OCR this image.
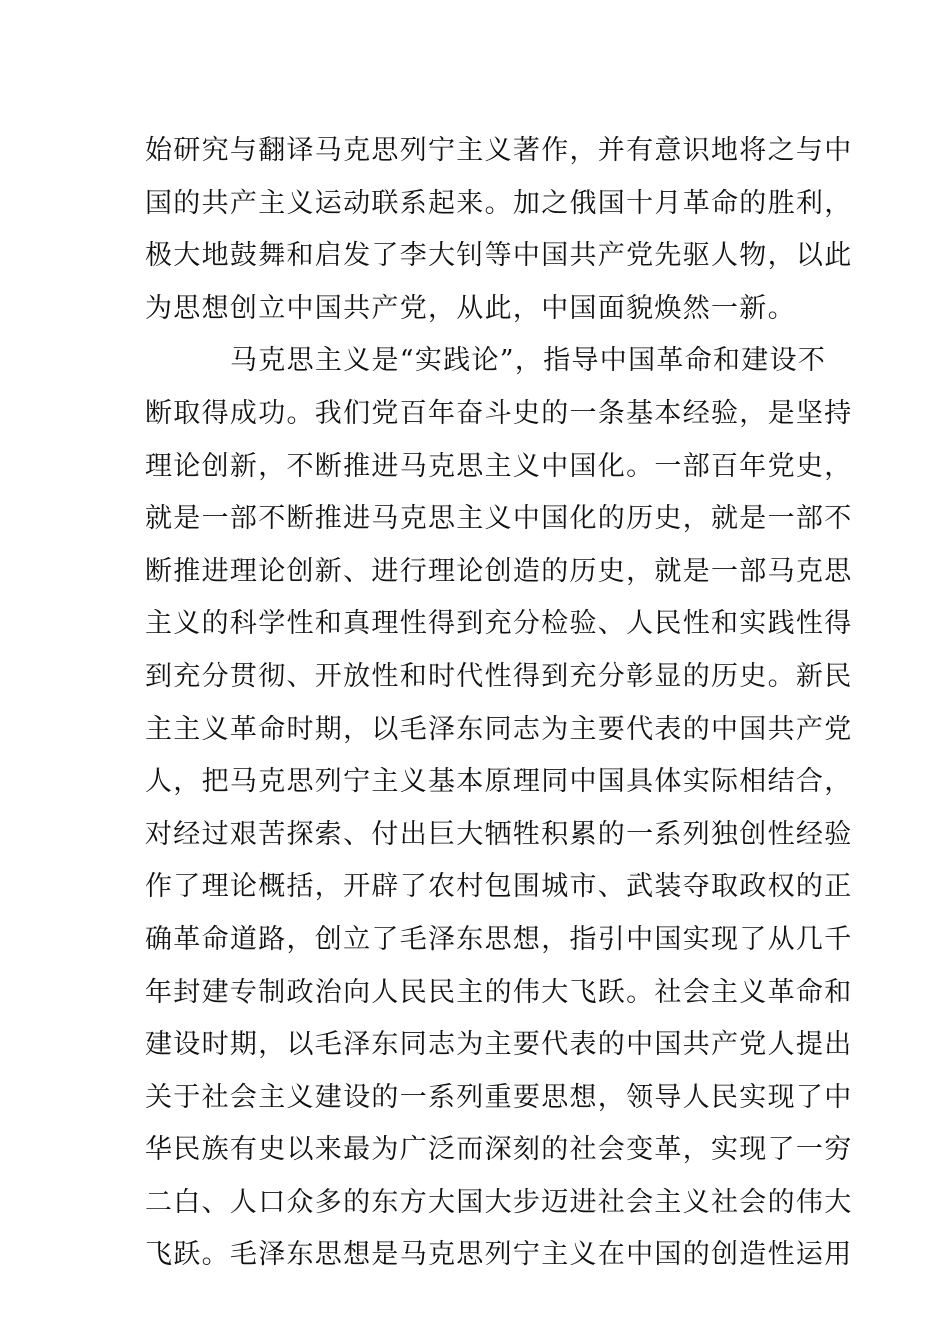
始研究与翻译马克思列宁主义著作，并有意识地将之与中
国的共产主义运动联系起来。加之俄国十月革命的胜利，
极大地鼓舞和启发了李大钊等中国共产党先驱人物，以此
为思想创立中国共产党，从此，中国面貌焕然一新。
马克思主义是“实践论”，指导中国革命和建设不
断取得成功。我们党百年奋斗史的一条基本经验，是坚持
理论创新，不断推进马克思主义中国化。一部百年党史，
就是一部不断推进马克思主义中国化的历史，就是一部不
断推进理论创新、进行理论创造的历史，就是一部马克思
主义的科学性和真理性得到充分检验、人民性和实践性得
到充分贯彻、开放性和时代性得到充分彰显的历史。新民
主主义革命时期，以毛泽东同志为主要代表的中国共产党
人，把马克思列宁主义基本原理同中国具体实际相结合，
对经过艰苦探索、付出巨大牺牲积累的一系列独创性经验
作了理论概括，开辟了农村包围城市、武装夺取政权的正
确革命道路，创立了毛泽东思想，指引中国实现了从几千
年封建专制政治向人民民主的伟大飞跃。社会主义革命和
建设时期，以毛泽东同志为主要代表的中国共产党人提出
关于社会主义建设的一系列重要思想，领导人民实现了中
华民族有史以来最为广泛而深刻的社会变革，实现了一穷
二白、人口众多的东方大国大步迈进社会主义社会的伟大
飞跃。毛泽东思想是马克思列宁主义在中国的创造性运用
